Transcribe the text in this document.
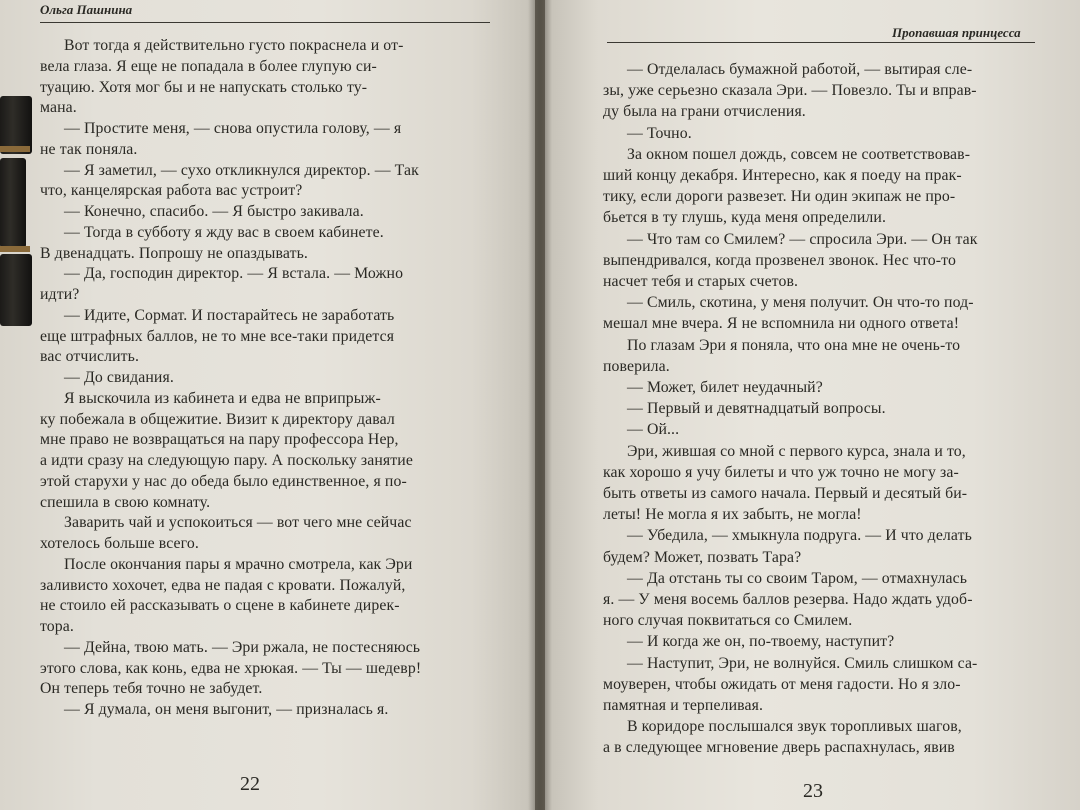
Ольга Пашнина
Вот тогда я действительно густо покраснела и от-
вела глаза. Я еще не попадала в более глупую си-
туацию. Хотя мог бы и не напускать столько ту-
мана.
— Простите меня, — снова опустила голову, — я
не так поняла.
— Я заметил, — сухо откликнулся директор. — Так
что, канцелярская работа вас устроит?
— Конечно, спасибо. — Я быстро закивала.
— Тогда в субботу я жду вас в своем кабинете.
В двенадцать. Попрошу не опаздывать.
— Да, господин директор. — Я встала. — Можно
идти?
— Идите, Сормат. И постарайтесь не заработать
еще штрафных баллов, не то мне все-таки придется
вас отчислить.
— До свидания.
Я выскочила из кабинета и едва не вприпрыж-
ку побежала в общежитие. Визит к директору давал
мне право не возвращаться на пару профессора Нер,
а идти сразу на следующую пару. А поскольку занятие
этой старухи у нас до обеда было единственное, я по-
спешила в свою комнату.
Заварить чай и успокоиться — вот чего мне сейчас
хотелось больше всего.
После окончания пары я мрачно смотрела, как Эри
заливисто хохочет, едва не падая с кровати. Пожалуй,
не стоило ей рассказывать о сцене в кабинете дирек-
тора.
— Дейна, твою мать. — Эри ржала, не постесняюсь
этого слова, как конь, едва не хрюкая. — Ты — шедевр!
Он теперь тебя точно не забудет.
— Я думала, он меня выгонит, — призналась я.
22
Пропавшая принцесса
— Отделалась бумажной работой, — вытирая сле-
зы, уже серьезно сказала Эри. — Повезло. Ты и вправ-
ду была на грани отчисления.
— Точно.
За окном пошел дождь, совсем не соответствовав-
ший концу декабря. Интересно, как я поеду на прак-
тику, если дороги развезет. Ни один экипаж не про-
бьется в ту глушь, куда меня определили.
— Что там со Смилем? — спросила Эри. — Он так
выпендривался, когда прозвенел звонок. Нес что-то
насчет тебя и старых счетов.
— Смиль, скотина, у меня получит. Он что-то под-
мешал мне вчера. Я не вспомнила ни одного ответа!
По глазам Эри я поняла, что она мне не очень-то
поверила.
— Может, билет неудачный?
— Первый и девятнадцатый вопросы.
— Ой...
Эри, жившая со мной с первого курса, знала и то,
как хорошо я учу билеты и что уж точно не могу за-
быть ответы из самого начала. Первый и десятый би-
леты! Не могла я их забыть, не могла!
— Убедила, — хмыкнула подруга. — И что делать
будем? Может, позвать Тара?
— Да отстань ты со своим Таром, — отмахнулась
я. — У меня восемь баллов резерва. Надо ждать удоб-
ного случая поквитаться со Смилем.
— И когда же он, по-твоему, наступит?
— Наступит, Эри, не волнуйся. Смиль слишком са-
моуверен, чтобы ожидать от меня гадости. Но я зло-
памятная и терпеливая.
В коридоре послышался звук торопливых шагов,
а в следующее мгновение дверь распахнулась, явив
23
